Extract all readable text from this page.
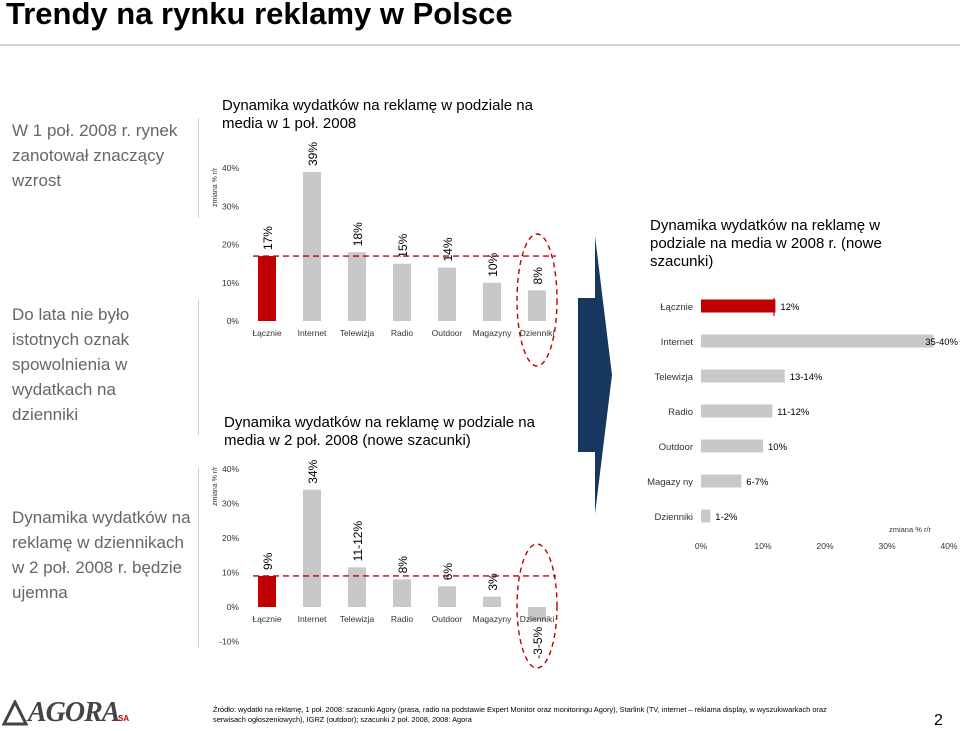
Trendy na rynku reklamy w Polsce
W 1 poł. 2008 r. rynek zanotował znaczący wzrost
Do lata nie było istotnych oznak spowolnienia w wydatkach na dzienniki
Dynamika wydatków na reklamę w dziennikach w 2 poł. 2008 r. będzie ujemna
Dynamika wydatków na reklamę w podziale na media w 1 poł. 2008
Dynamika wydatków na reklamę w podziale na media w 2 poł. 2008 (nowe szacunki)
Dynamika wydatków na reklamę w podziale na media w 2008 r. (nowe szacunki)
zmiana % r/r
0%
10%
20%
30%
40%
17%
Łącznie
39%
Internet
18%
Telewizja
15%
Radio
14%
Outdoor
10%
Magazyny
8%
Dzienniki
zmiana % r/r
-10%
0%
10%
20%
30%
40%
9%
Łącznie
34%
Internet
11-12%
Telewizja
8%
Radio
6%
Outdoor
3%
Magazyny
-3-5%
Dzienniki
Łącznie	12%
Internet	35-40%
Telewizja	13-14%
Radio	11-12%
Outdoor	10%
Magazy ny	6-7%
Dzienniki 1-2%
0%	10%	20%	30%	40%
zmiana % r/r
Źródło: wydatki na reklamę, 1 poł. 2008: szacunki Agory (prasa, radio na podstawie Expert Monitor oraz monitoringu Agory), Starlink (TV, internet – reklama display, w wyszukiwarkach oraz serwisach ogłoszeniowych), IGRZ (outdoor); szacunki 2 poł. 2008, 2008: Agora	2
AGORA
SA
